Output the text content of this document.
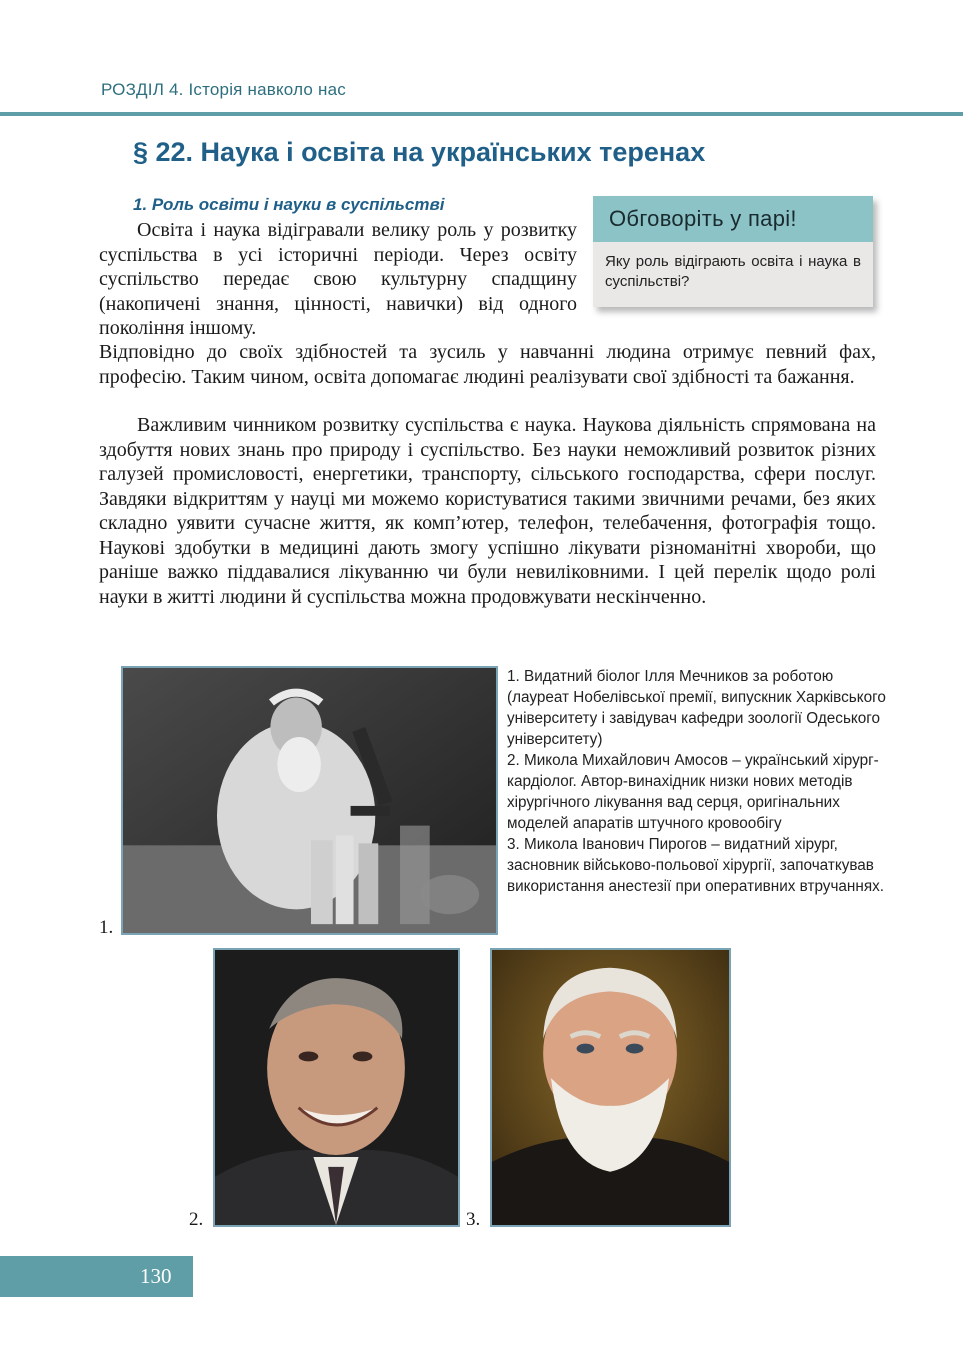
РОЗДІЛ 4. Історія навколо нас
§ 22. Наука і освіта на українських теренах
1. Роль освіти і науки в суспільстві

Освіта і наука відігравали велику роль у розвитку суспільства в усі історичні періоди. Через освіту суспільство передає свою культурну спадщину (накопичені знання, цінності, навички) від одного покоління іншому.

Відповідно до своїх здібностей та зусиль у навчанні людина отримує певний фах, професію. Таким чином, освіта допомагає людині реалізувати свої здібності та бажання.

Важливим чинником розвитку суспільства є наука. Наукова діяльність спрямована на здобуття нових знань про природу і суспільство. Без науки неможливий розвиток різних галузей промисловості, енергетики, транспорту, сільського господарства, сфери послуг. Завдяки відкриттям у науці ми можемо користуватися такими звичними речами, без яких складно уявити сучасне життя, як комп’ютер, телефон, телебачення, фотографія тощо. Наукові здобутки в медицині дають змогу успішно лікувати різноманітні хвороби, що раніше важко піддавалися лікуванню чи були невиліковними. І цей перелік щодо ролі науки в житті людини й суспільства можна продовжувати нескінченно.

Обговоріть у парі!
Яку роль відіграють освіта і наука в суспільстві?
1.
2.	3.

1. Видатний біолог Ілля Мечников за роботою (лауреат Нобелівської премії, випускник Харківського університету і завідувач кафедри зоології Одеського університету)

2. Микола Михайлович Амосов – український хірург-кардіолог. Автор-винахідник низки нових методів хірургічного лікування вад серця, оригінальних моделей апаратів штучного кровообігу

3. Микола Іванович Пирогов – видатний хірург, засновник військово-польової хірургії, започаткував використання анестезії при оперативних втручаннях.

130
